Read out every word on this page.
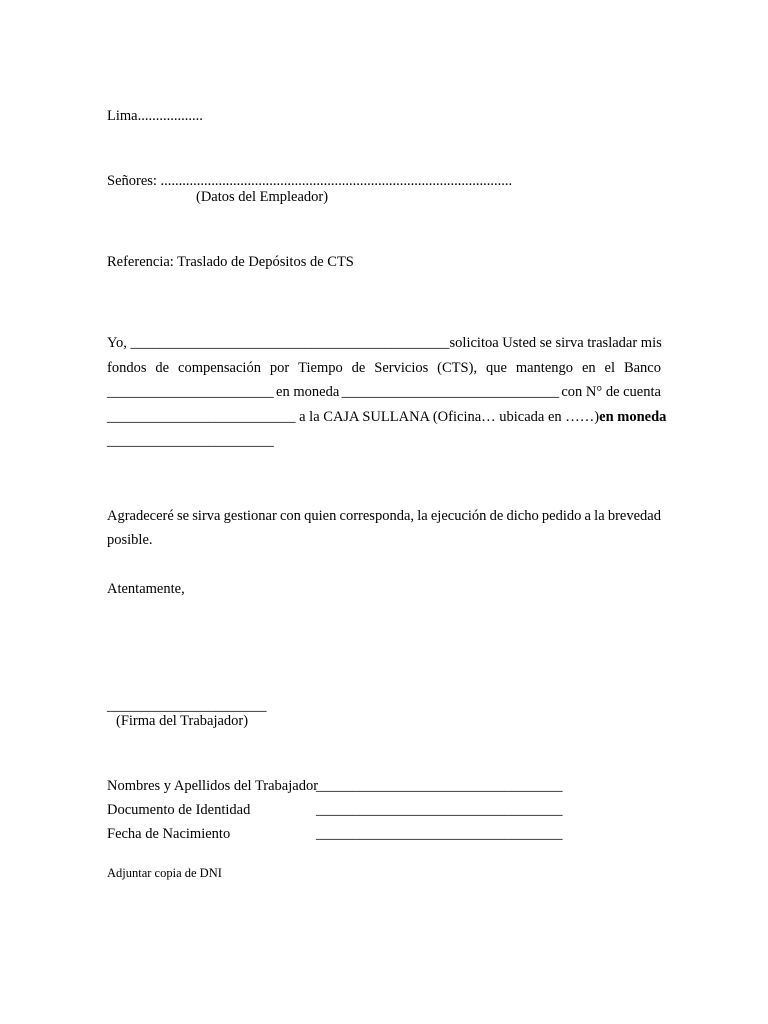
Lima..................
Señores: .................................................................................................
(Datos del Empleador)
Referencia: Traslado de Depósitos de CTS
Yo, ____________________________________________ solicito a Usted se sirva trasladar mis
fondos de compensación por Tiempo de Servicios (CTS), que mantengo en el Banco
_______________________ en moneda ______________________________ con N° de cuenta
__________________________ a la CAJA SULLANA (Oficina… ubicada en ……) en moneda
_______________________
Agradeceré se sirva gestionar con quien corresponda, la ejecución de dicho pedido a la brevedad
posible.
Atentamente,
______________________
(Firma del Trabajador)
Nombres y Apellidos del Trabajador
__________________________________
Documento de Identidad	__________________________________
Fecha de Nacimiento	__________________________________
Adjuntar copia de DNI
